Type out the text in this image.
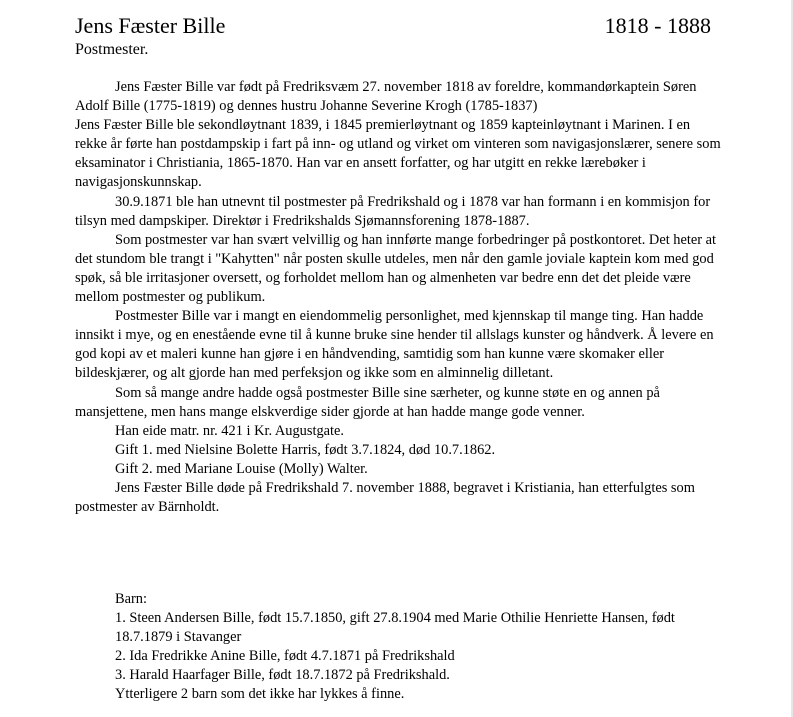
Jens Fæster Bille	1818 - 1888
Postmester.

Jens Fæster Bille var født på Fredriksvæm 27. november 1818 av foreldre, kommandørkaptein Søren Adolf Bille (1775-1819) og dennes hustru Johanne Severine Krogh (1785-1837)

Jens Fæster Bille ble sekondløytnant 1839, i 1845 premierløytnant og 1859 kapteinløytnant i Marinen. I en rekke år førte han postdampskip i fart på inn- og utland og virket om vinteren som navigasjonslærer, senere som eksaminator i Christiania, 1865-1870. Han var en ansett forfatter, og har utgitt en rekke lærebøker i navigasjonskunnskap.

30.9.1871 ble han utnevnt til postmester på Fredrikshald og i 1878 var han formann i en kommisjon for tilsyn med dampskiper. Direktør i Fredrikshalds Sjømannsforening 1878-1887.

Som postmester var han svært velvillig og han innførte mange forbedringer på postkontoret. Det heter at det stundom ble trangt i "Kahytten" når posten skulle utdeles, men når den gamle joviale kaptein kom med god spøk, så ble irritasjoner oversett, og forholdet mellom han og almenheten var bedre enn det det pleide være mellom postmester og publikum.

Postmester Bille var i mangt en eiendommelig personlighet, med kjennskap til mange ting. Han hadde innsikt i mye, og en enestående evne til å kunne bruke sine hender til allslags kunster og håndverk. Å levere en god kopi av et maleri kunne han gjøre i en håndvending, samtidig som han kunne være skomaker eller bildeskjærer, og alt gjorde han med perfeksjon og ikke som en alminnelig dilletant.

Som så mange andre hadde også postmester Bille sine særheter, og kunne støte en og annen på mansjettene, men hans mange elskverdige sider gjorde at han hadde mange gode venner.

Han eide matr. nr. 421 i Kr. Augustgate.

Gift 1. med Nielsine Bolette Harris, født 3.7.1824, død 10.7.1862.

Gift 2. med Mariane Louise (Molly) Walter.

Jens Fæster Bille døde på Fredrikshald 7. november 1888, begravet i Kristiania, han etterfulgtes som postmester av Bärnholdt.

Barn:

1. Steen Andersen Bille, født 15.7.1850, gift 27.8.1904 med Marie Othilie Henriette Hansen, født 18.7.1879 i Stavanger

2. Ida Fredrikke Anine Bille, født 4.7.1871 på Fredrikshald

3. Harald Haarfager Bille, født 18.7.1872 på Fredrikshald.

Ytterligere 2 barn som det ikke har lykkes å finne.
